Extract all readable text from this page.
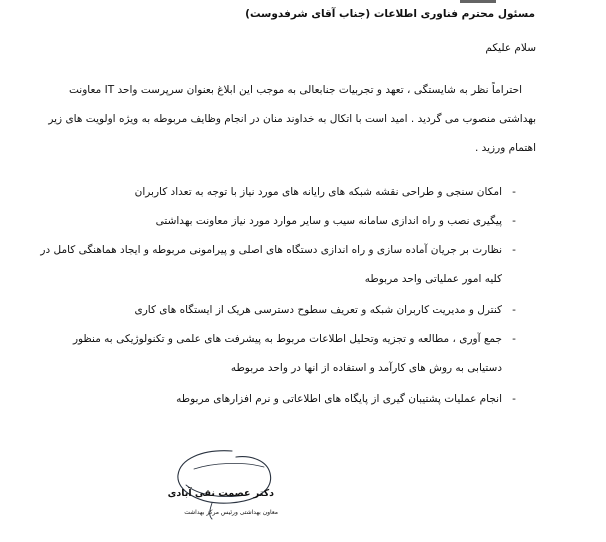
مسئول محترم فناوری اطلاعات (جناب آقای شرفدوست)
سلام علیکم
احتراماً نظر به شایستگی ، تعهد و تجربیات جنابعالی به موجب این ابلاغ بعنوان سرپرست واحد IT معاونت
بهداشتی منصوب می گردید . امید است با اتکال به خداوند منان در انجام وظایف مربوطه به ویژه اولویت های زیر
اهتمام ورزید .
-
امکان سنجی و طراحی نقشه شبکه های رایانه های مورد نیاز با توجه به تعداد کاربران
-
پیگیری نصب و راه اندازی سامانه سیب و سایر موارد مورد نیاز معاونت بهداشتی
-
نظارت بر جریان آماده سازی و راه اندازی دستگاه های اصلی و پیرامونی مربوطه و ایجاد هماهنگی کامل در
کلیه امور عملیاتی واحد مربوطه
-
کنترل و مدیریت کاربران شبکه و تعریف سطوح دسترسی هریک از ایستگاه های کاری
-
جمع آوری ، مطالعه و تجزیه وتحلیل اطلاعات مربوط به پیشرفت های علمی و تکنولوژیکی به منظور
دستیابی به روش های کارآمد و استفاده از انها در واحد مربوطه
-
انجام عملیات پشتیبان گیری از پایگاه های اطلاعاتی و نرم افزارهای مربوطه
دکتر عصمت نقی آبادی
معاون بهداشتی ورئیس مرکز بهداشت
